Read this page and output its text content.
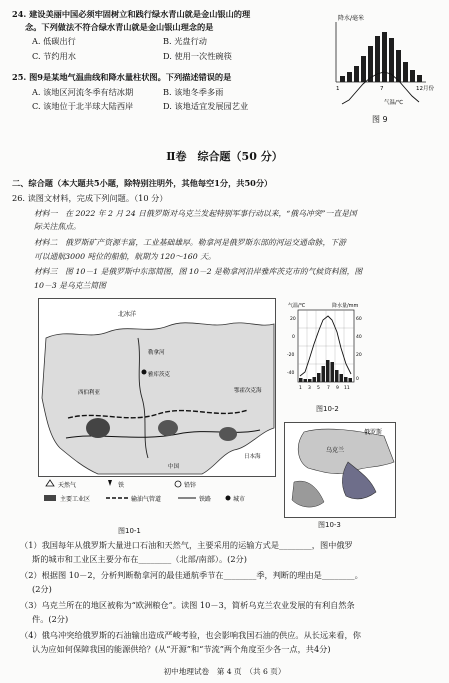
24. 建设美丽中国必须牢固树立和践行绿水青山就是金山银山的理
念。下列做法不符合绿水青山就是金山银山理念的是
A. 低碳出行	B. 光盘行动
C. 节约用水	D. 使用一次性碗筷
25. 图9是某地气温曲线和降水量柱状图。下列描述错误的是
A. 该地区河流冬季有结冰期	B. 该地冬季多雨
C. 该地位于北半球大陆西岸	D. 该地适宜发展园艺业
降水/毫米
1	7	12月份
气温/℃
图 9
Ⅱ卷　综合题（50 分）
二、综合题（本大题共5小题，除特别注明外，其他每空1分，共50分）
26. 读图文材料，完成下列问题。（10 分）
材料一　在 2022 年 2 月 24 日俄罗斯对乌克兰发起特别军事行动以来，“俄乌冲突”一直是国
际关注焦点。
材料二　俄罗斯矿产资源丰富，工业基础雄厚。勒拿河是俄罗斯东部的河运交通命脉，下游
可以通航3000 吨位的船舶，航期为 120～160 天。
材料三　图 10－1 是俄罗斯中东部简图，图 10－2 是勒拿河沿岸雅库茨克市的气候资料图，图
10－3 是乌克兰简图
北冰洋
勒拿河
雅库茨克
鄂霍次克海
西伯利亚
日本海
中国
天然气	铁	铅锌
主要工业区	输油气管道	铁路	城市
图10-1
气温/℃	降水量/mm
20
0
-20
-40
60
40
20
0
1 3 5 7 9 11
图10-2
俄罗斯
乌克兰
图10-3
（1）我国每年从俄罗斯大量进口石油和天然气，主要采用的运输方式是________，图中俄罗
斯的城市和工业区主要分布在________（北部/南部）。(2分)
（2）根据图 10－2，分析判断勒拿河的最佳通航季节在________季，判断的理由是________。
(2分)
（3）乌克兰所在的地区被称为“欧洲粮仓”。读图 10－3，简析乌克兰农业发展的有利自然条
件。(2分)
（4）俄乌冲突给俄罗斯的石油输出造成严峻考验，也会影响我国石油的供应。从长远来看，你
认为应如何保障我国的能源供给？(从“开源”和“节流”两个角度至少各一点，共4分)
初中地理试卷　第 4 页　（共 6 页）
